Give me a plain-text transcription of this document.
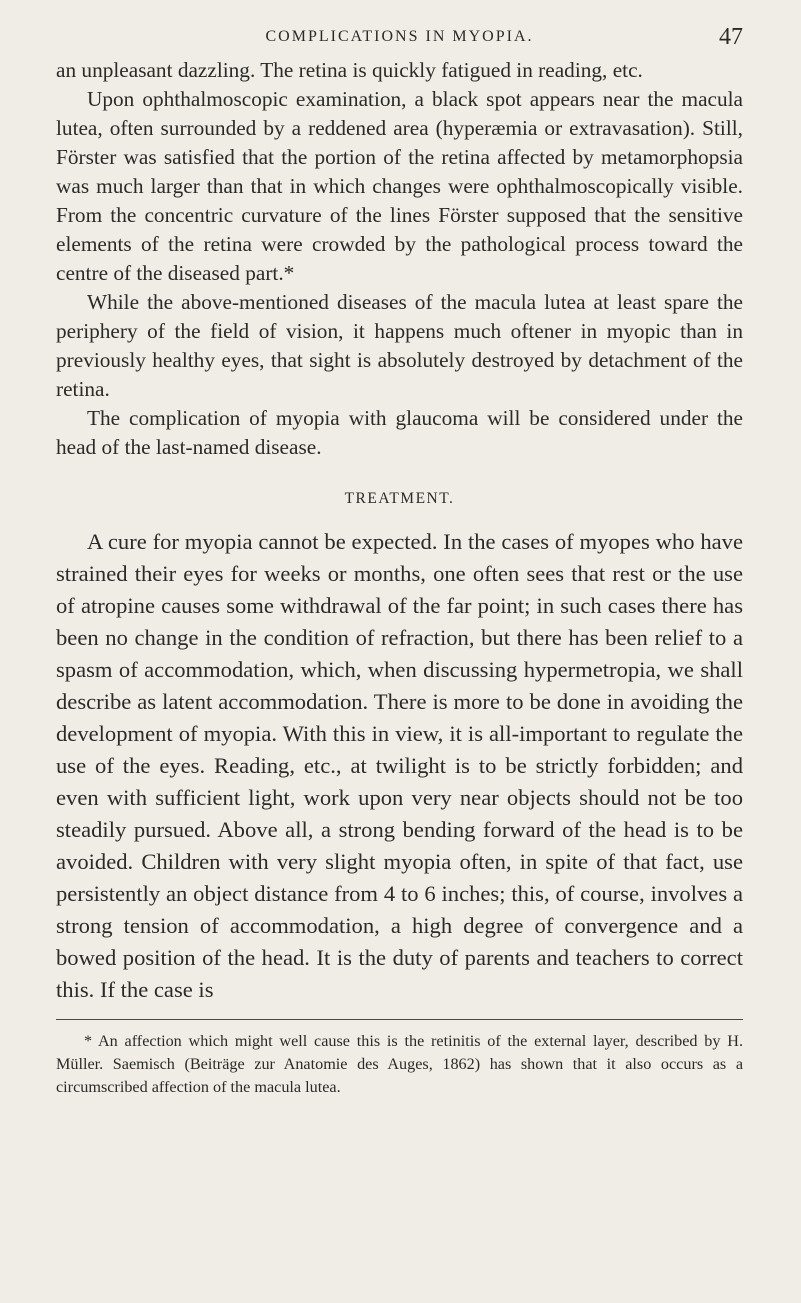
COMPLICATIONS IN MYOPIA.	47

an unpleasant dazzling. The retina is quickly fatigued in reading, etc.

Upon ophthalmoscopic examination, a black spot appears near the macula lutea, often surrounded by a reddened area (hyperæmia or extravasation). Still, Förster was satisfied that the portion of the retina affected by metamorphopsia was much larger than that in which changes were ophthalmoscopically visible. From the concentric curvature of the lines Förster supposed that the sensitive elements of the retina were crowded by the pathological process toward the centre of the diseased part.*

While the above-mentioned diseases of the macula lutea at least spare the periphery of the field of vision, it happens much oftener in myopic than in previously healthy eyes, that sight is absolutely destroyed by detachment of the retina.

The complication of myopia with glaucoma will be considered under the head of the last-named disease.

TREATMENT.

A cure for myopia cannot be expected. In the cases of myopes who have strained their eyes for weeks or months, one often sees that rest or the use of atropine causes some withdrawal of the far point; in such cases there has been no change in the condition of refraction, but there has been relief to a spasm of accommodation, which, when discussing hypermetropia, we shall describe as latent accommodation. There is more to be done in avoiding the development of myopia. With this in view, it is all-important to regulate the use of the eyes. Reading, etc., at twilight is to be strictly forbidden; and even with sufficient light, work upon very near objects should not be too steadily pursued. Above all, a strong bending forward of the head is to be avoided. Children with very slight myopia often, in spite of that fact, use persistently an object distance from 4 to 6 inches; this, of course, involves a strong tension of accommodation, a high degree of convergence and a bowed position of the head. It is the duty of parents and teachers to correct this. If the case is

* An affection which might well cause this is the retinitis of the external layer, described by H. Müller. Saemisch (Beiträge zur Anatomie des Auges, 1862) has shown that it also occurs as a circumscribed affection of the macula lutea.
